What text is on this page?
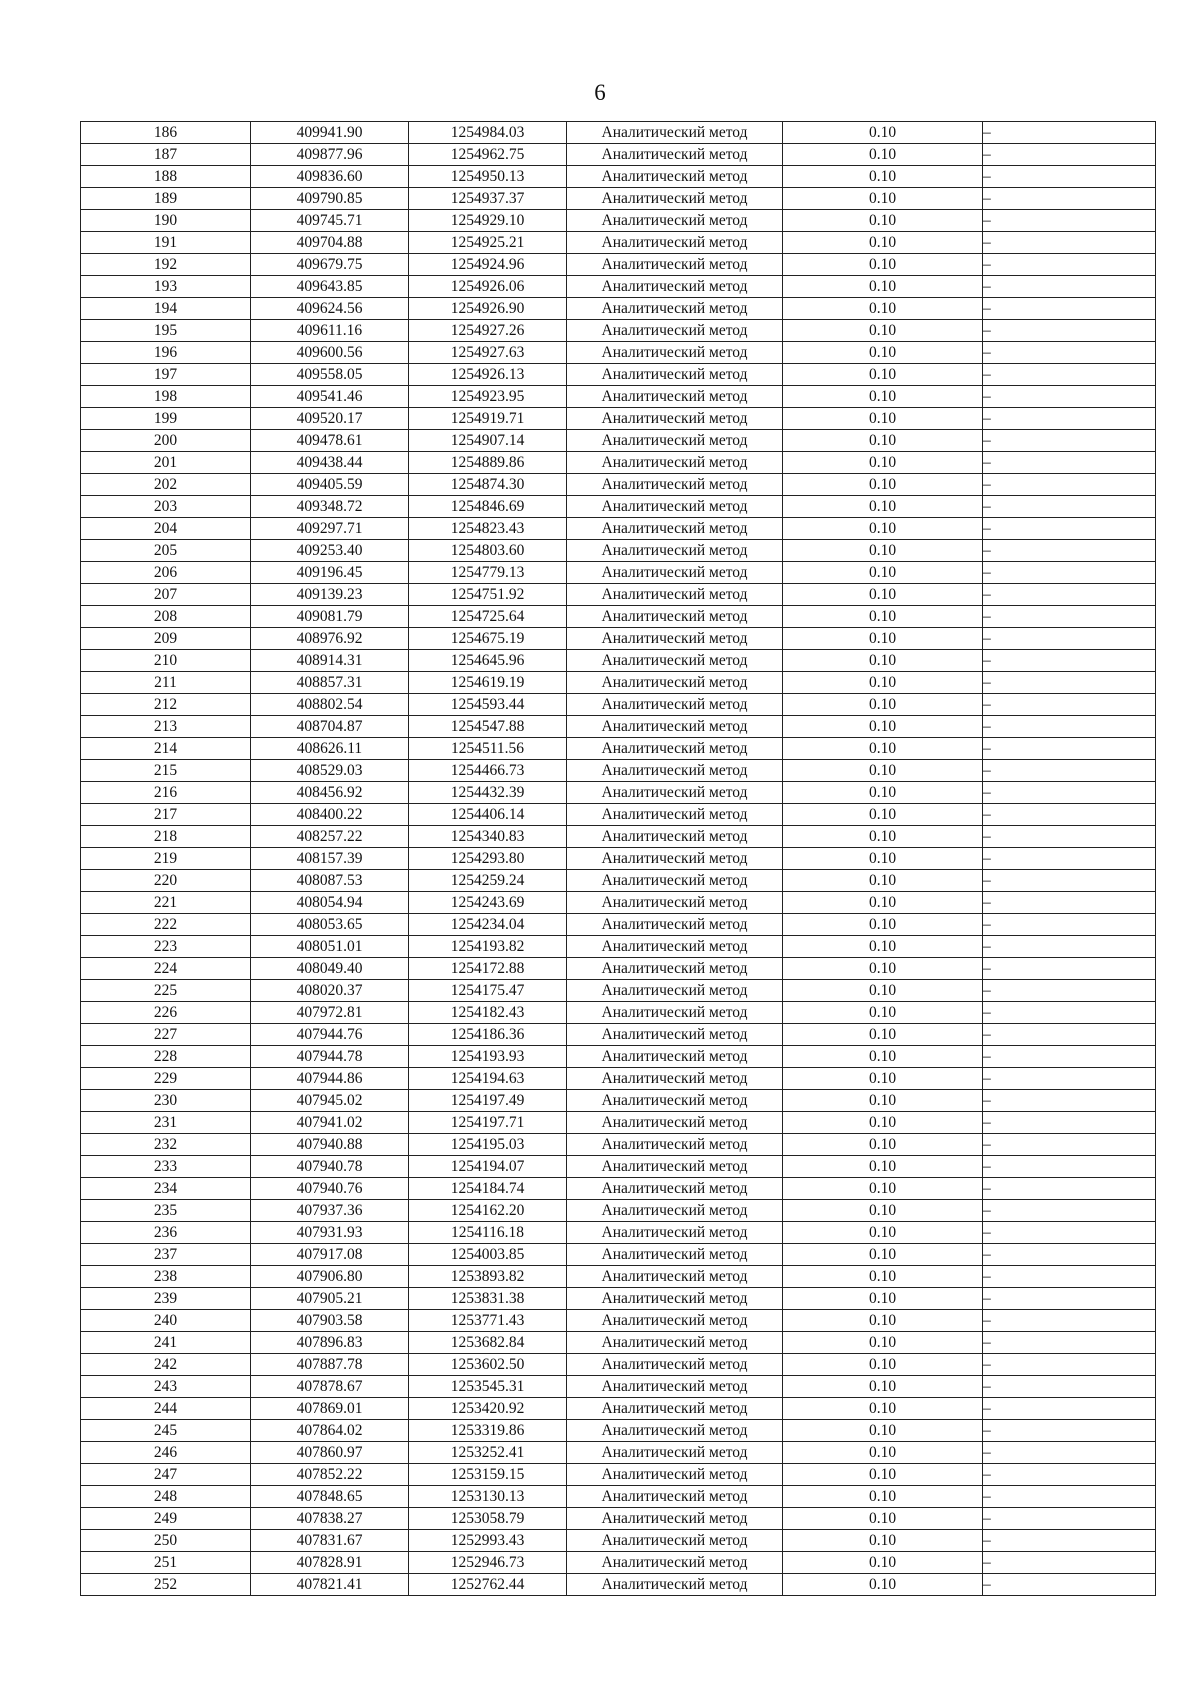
6
186	409941.90	1254984.03	Аналитический метод	0.10	–
187	409877.96	1254962.75	Аналитический метод	0.10	–
188	409836.60	1254950.13	Аналитический метод	0.10	–
189	409790.85	1254937.37	Аналитический метод	0.10	–
190	409745.71	1254929.10	Аналитический метод	0.10	–
191	409704.88	1254925.21	Аналитический метод	0.10	–
192	409679.75	1254924.96	Аналитический метод	0.10	–
193	409643.85	1254926.06	Аналитический метод	0.10	–
194	409624.56	1254926.90	Аналитический метод	0.10	–
195	409611.16	1254927.26	Аналитический метод	0.10	–
196	409600.56	1254927.63	Аналитический метод	0.10	–
197	409558.05	1254926.13	Аналитический метод	0.10	–
198	409541.46	1254923.95	Аналитический метод	0.10	–
199	409520.17	1254919.71	Аналитический метод	0.10	–
200	409478.61	1254907.14	Аналитический метод	0.10	–
201	409438.44	1254889.86	Аналитический метод	0.10	–
202	409405.59	1254874.30	Аналитический метод	0.10	–
203	409348.72	1254846.69	Аналитический метод	0.10	–
204	409297.71	1254823.43	Аналитический метод	0.10	–
205	409253.40	1254803.60	Аналитический метод	0.10	–
206	409196.45	1254779.13	Аналитический метод	0.10	–
207	409139.23	1254751.92	Аналитический метод	0.10	–
208	409081.79	1254725.64	Аналитический метод	0.10	–
209	408976.92	1254675.19	Аналитический метод	0.10	–
210	408914.31	1254645.96	Аналитический метод	0.10	–
211	408857.31	1254619.19	Аналитический метод	0.10	–
212	408802.54	1254593.44	Аналитический метод	0.10	–
213	408704.87	1254547.88	Аналитический метод	0.10	–
214	408626.11	1254511.56	Аналитический метод	0.10	–
215	408529.03	1254466.73	Аналитический метод	0.10	–
216	408456.92	1254432.39	Аналитический метод	0.10	–
217	408400.22	1254406.14	Аналитический метод	0.10	–
218	408257.22	1254340.83	Аналитический метод	0.10	–
219	408157.39	1254293.80	Аналитический метод	0.10	–
220	408087.53	1254259.24	Аналитический метод	0.10	–
221	408054.94	1254243.69	Аналитический метод	0.10	–
222	408053.65	1254234.04	Аналитический метод	0.10	–
223	408051.01	1254193.82	Аналитический метод	0.10	–
224	408049.40	1254172.88	Аналитический метод	0.10	–
225	408020.37	1254175.47	Аналитический метод	0.10	–
226	407972.81	1254182.43	Аналитический метод	0.10	–
227	407944.76	1254186.36	Аналитический метод	0.10	–
228	407944.78	1254193.93	Аналитический метод	0.10	–
229	407944.86	1254194.63	Аналитический метод	0.10	–
230	407945.02	1254197.49	Аналитический метод	0.10	–
231	407941.02	1254197.71	Аналитический метод	0.10	–
232	407940.88	1254195.03	Аналитический метод	0.10	–
233	407940.78	1254194.07	Аналитический метод	0.10	–
234	407940.76	1254184.74	Аналитический метод	0.10	–
235	407937.36	1254162.20	Аналитический метод	0.10	–
236	407931.93	1254116.18	Аналитический метод	0.10	–
237	407917.08	1254003.85	Аналитический метод	0.10	–
238	407906.80	1253893.82	Аналитический метод	0.10	–
239	407905.21	1253831.38	Аналитический метод	0.10	–
240	407903.58	1253771.43	Аналитический метод	0.10	–
241	407896.83	1253682.84	Аналитический метод	0.10	–
242	407887.78	1253602.50	Аналитический метод	0.10	–
243	407878.67	1253545.31	Аналитический метод	0.10	–
244	407869.01	1253420.92	Аналитический метод	0.10	–
245	407864.02	1253319.86	Аналитический метод	0.10	–
246	407860.97	1253252.41	Аналитический метод	0.10	–
247	407852.22	1253159.15	Аналитический метод	0.10	–
248	407848.65	1253130.13	Аналитический метод	0.10	–
249	407838.27	1253058.79	Аналитический метод	0.10	–
250	407831.67	1252993.43	Аналитический метод	0.10	–
251	407828.91	1252946.73	Аналитический метод	0.10	–
252	407821.41	1252762.44	Аналитический метод	0.10	–
